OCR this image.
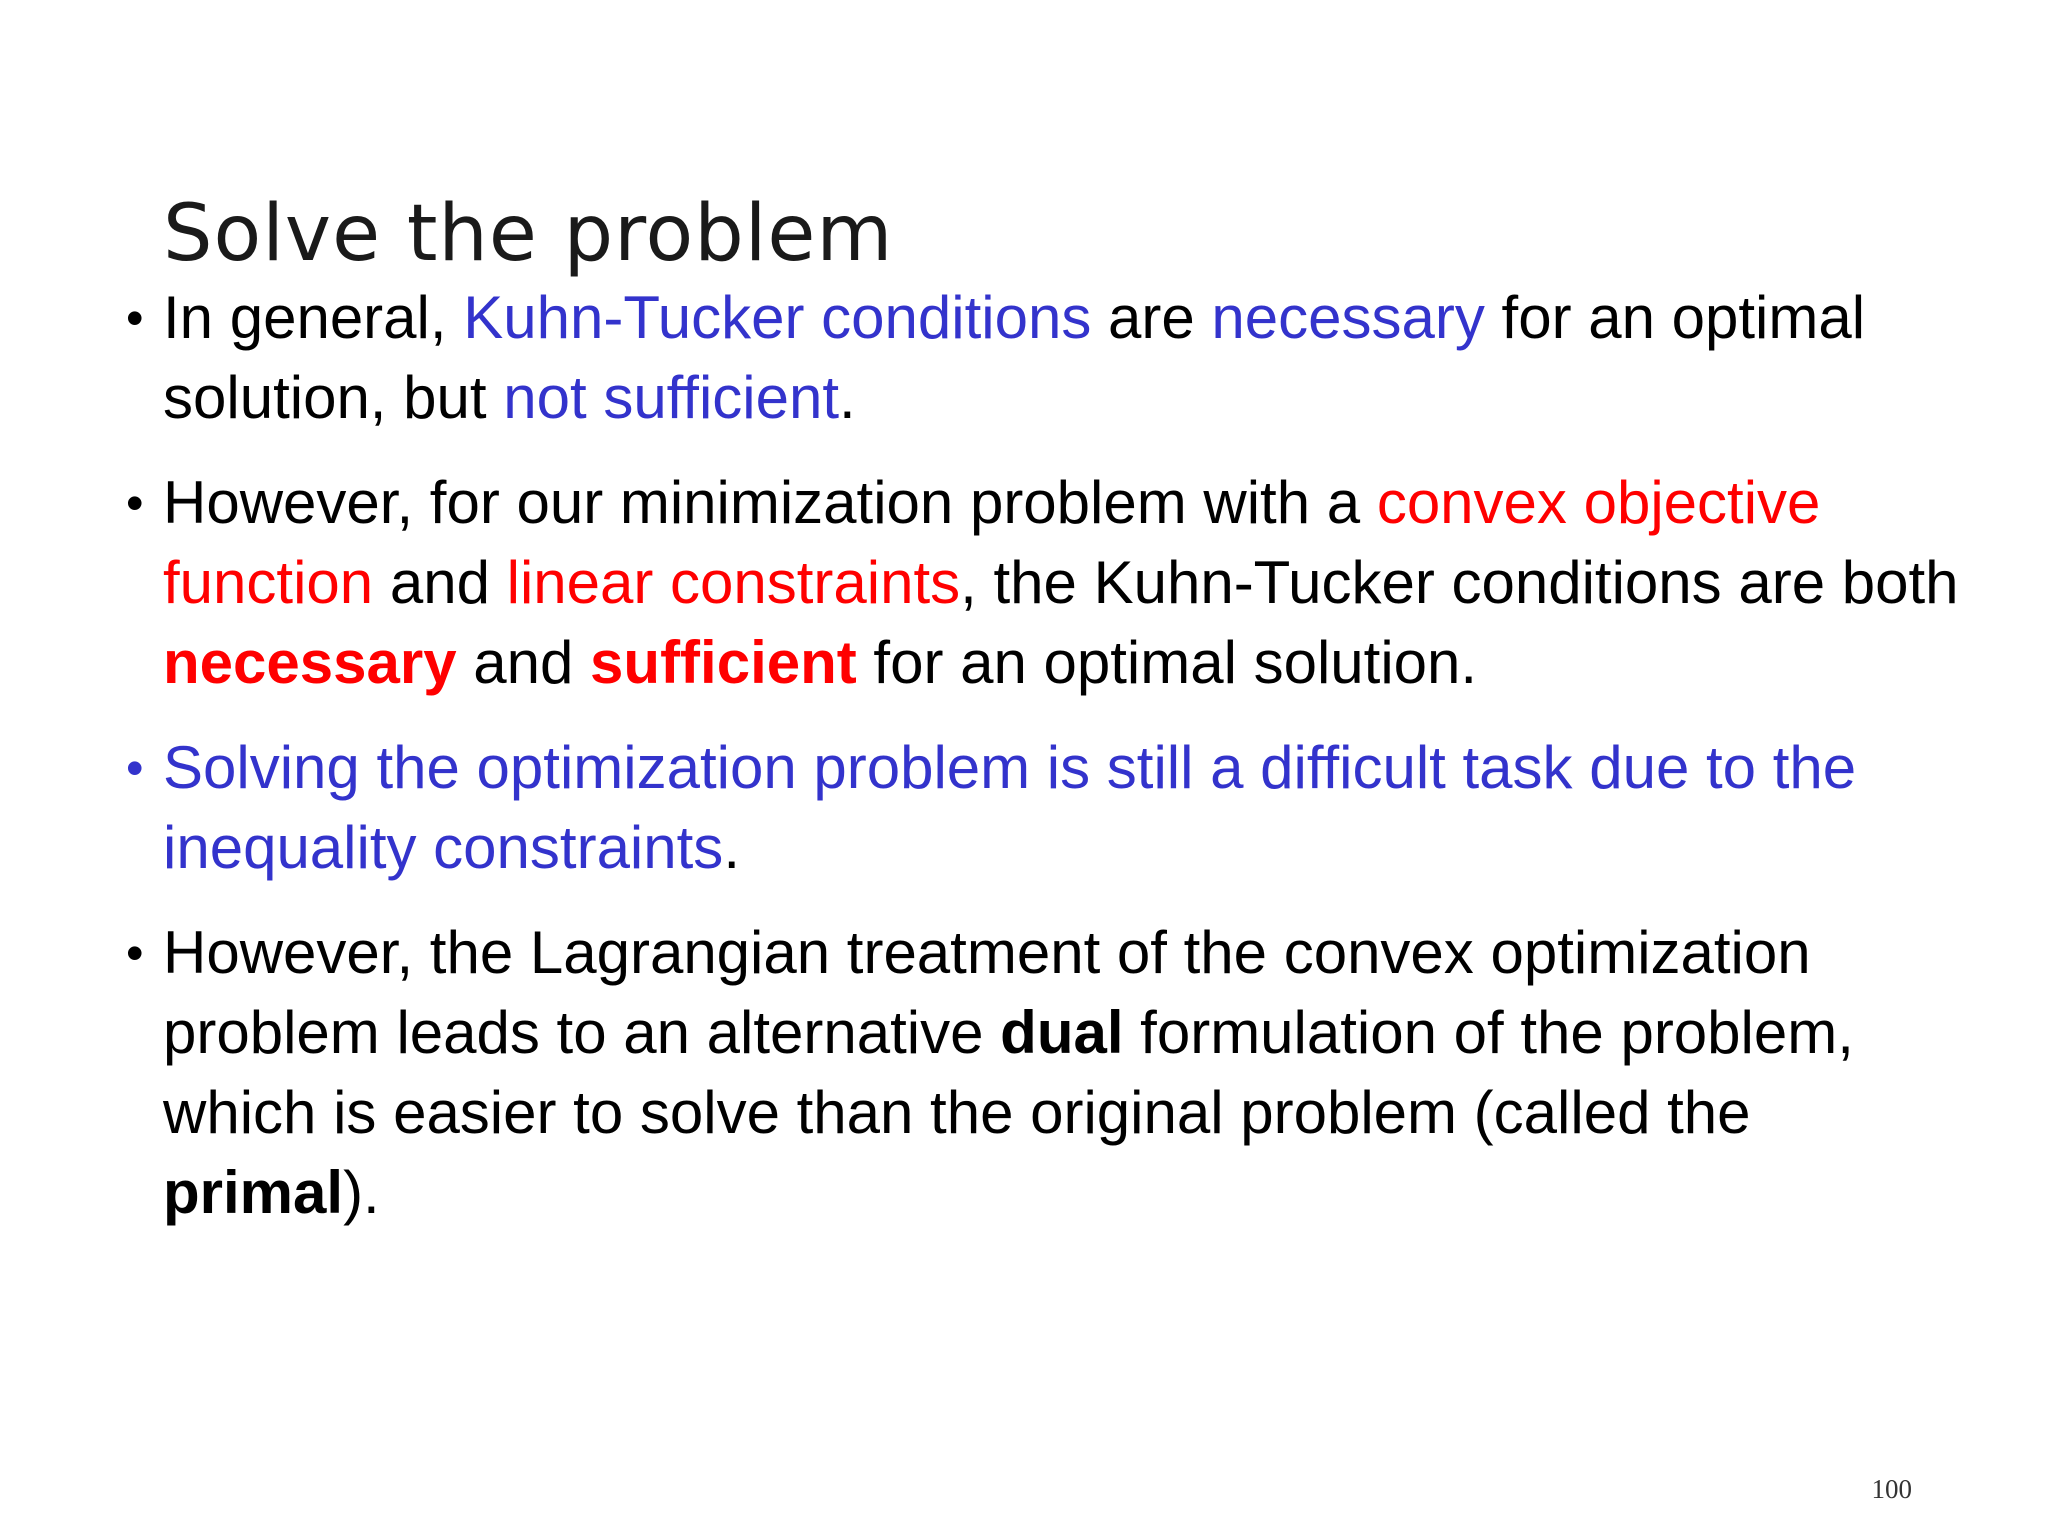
Solve the problem
• In general, Kuhn-Tucker conditions are necessary for an optimal solution, but not sufficient.
• However, for our minimization problem with a convex objective function and linear constraints, the Kuhn-Tucker conditions are both necessary and sufficient for an optimal solution.
• Solving the optimization problem is still a difficult task due to the inequality constraints.
• However, the Lagrangian treatment of the convex optimization problem leads to an alternative dual formulation of the problem, which is easier to solve than the original problem (called the primal).
100
